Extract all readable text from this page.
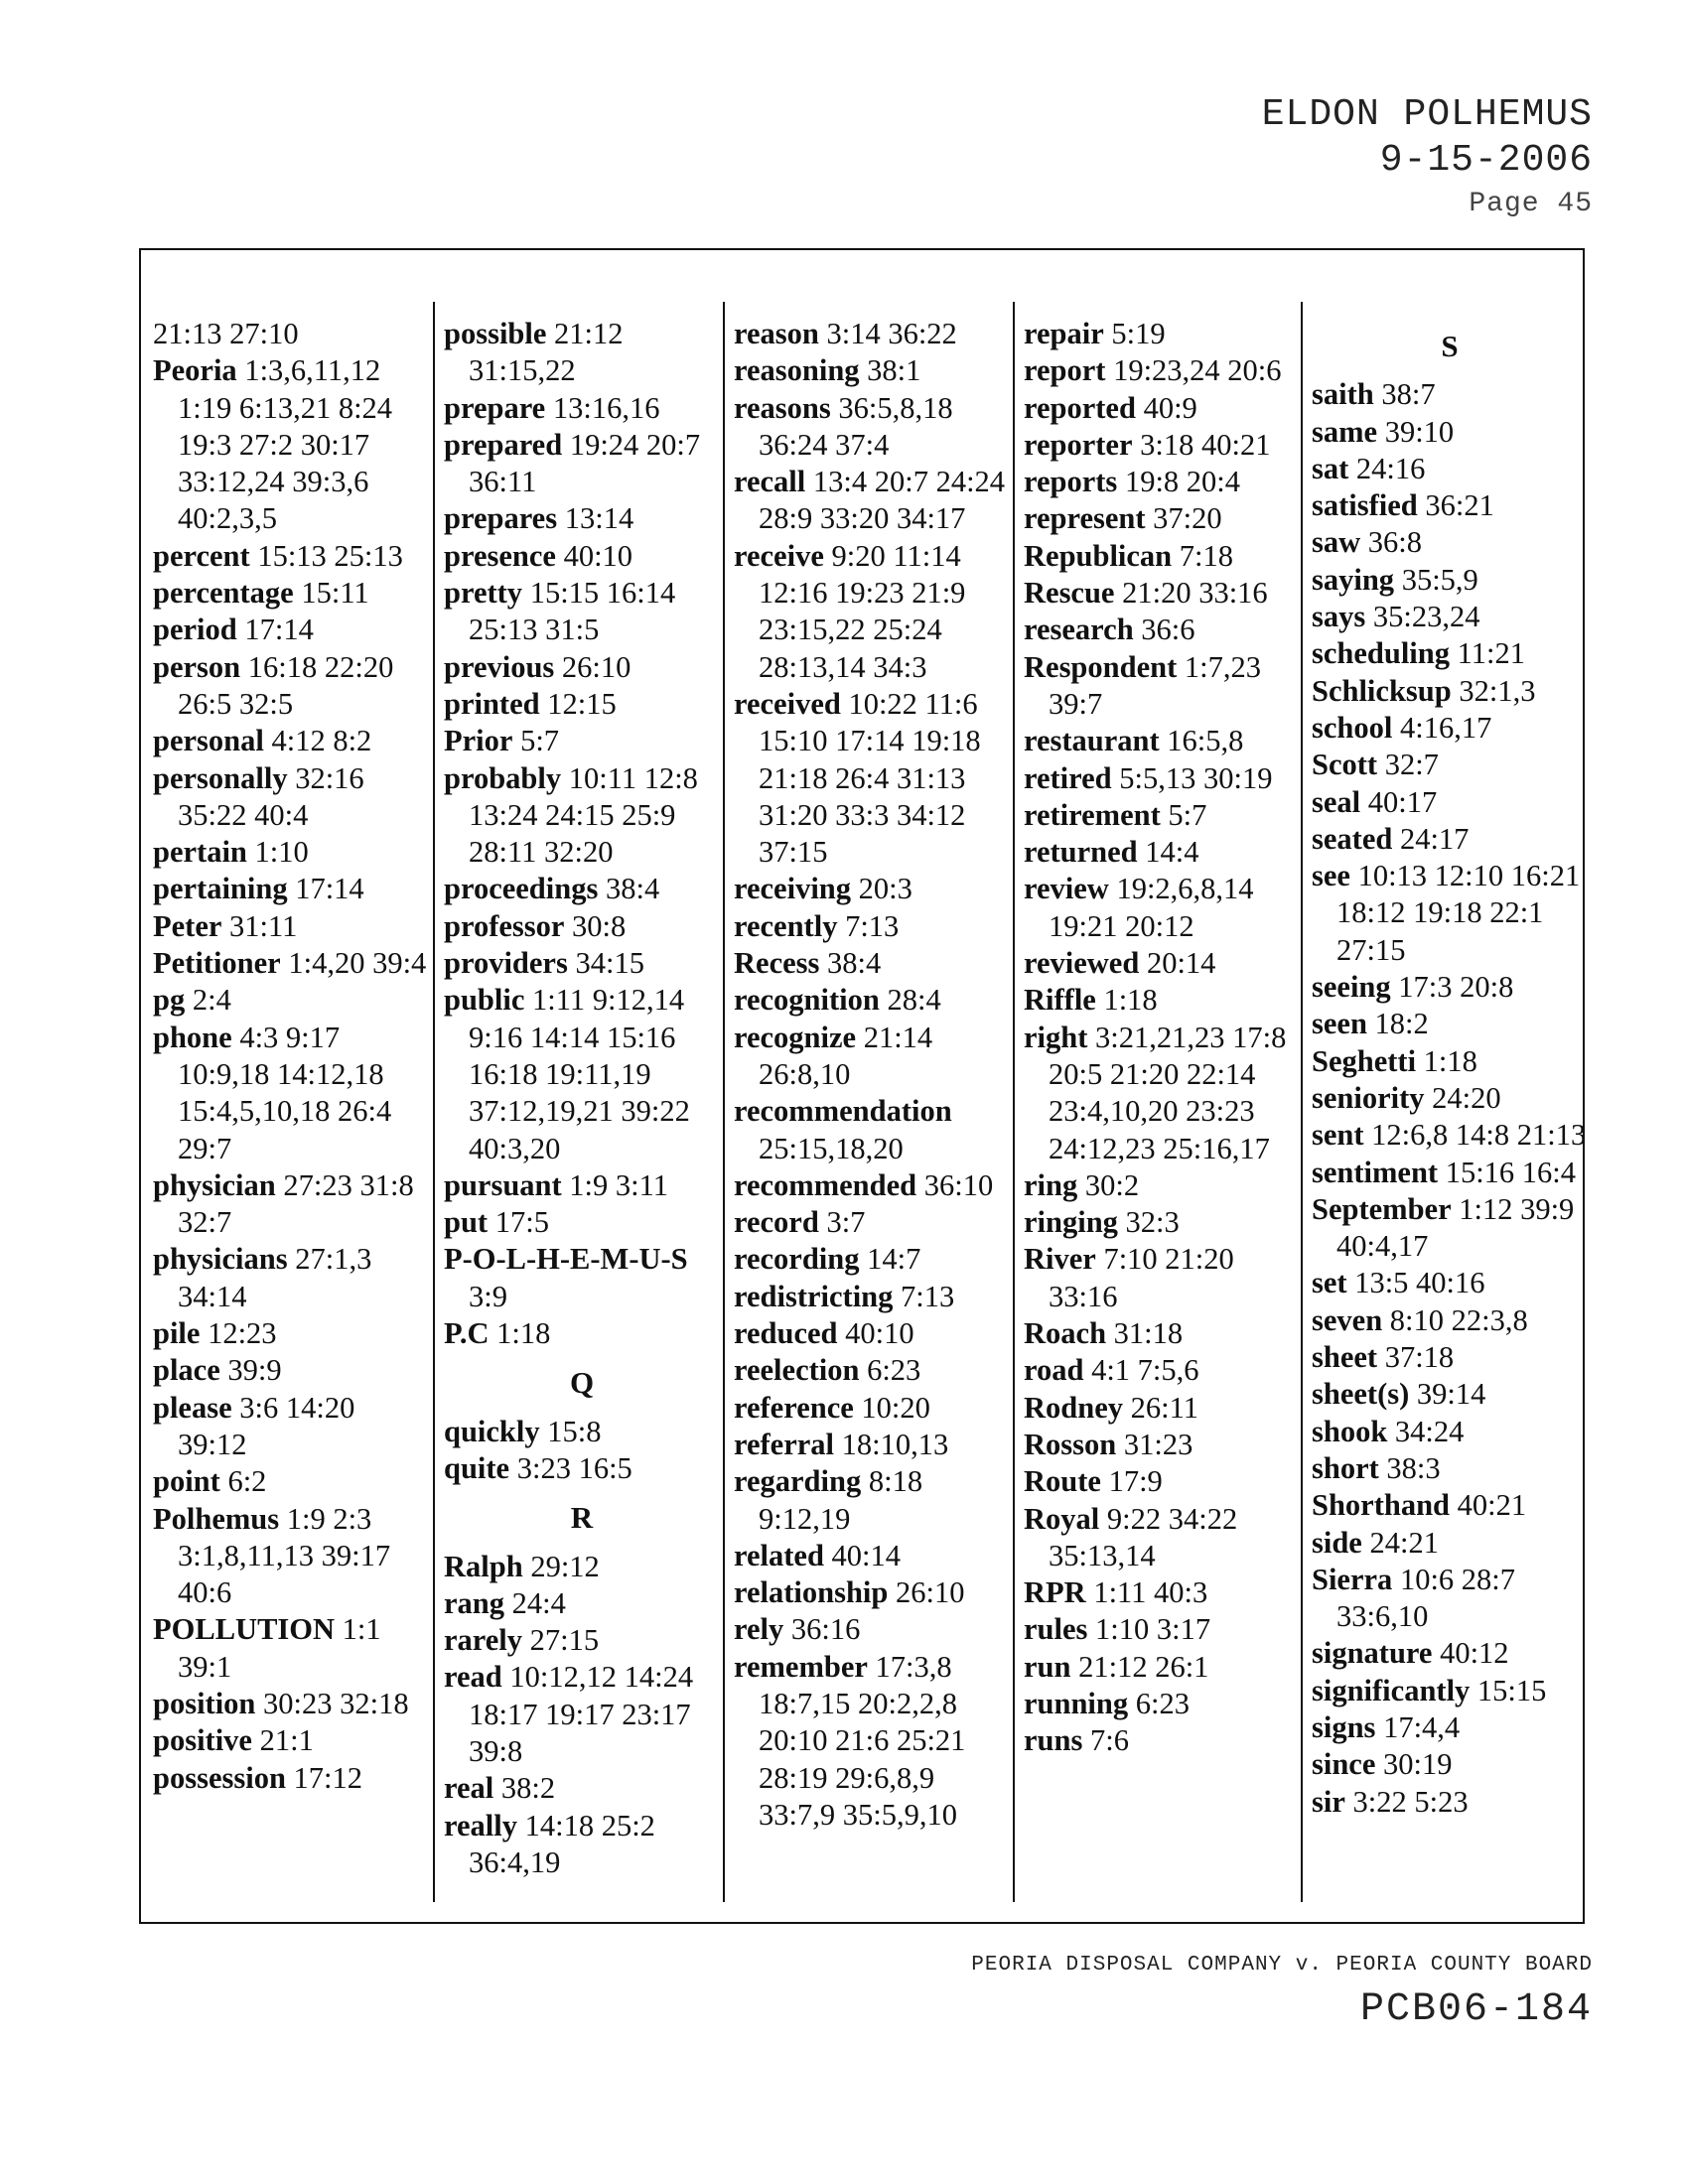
ELDON POLHEMUS
9-15-2006
Page 45
21:13 27:10
Peoria 1:3,6,11,12 1:19 6:13,21 8:24 19:3 27:2 30:17 33:12,24 39:3,6 40:2,3,5
percent 15:13 25:13
percentage 15:11
period 17:14
person 16:18 22:20 26:5 32:5
personal 4:12 8:2
personally 32:16 35:22 40:4
pertain 1:10
pertaining 17:14
Peter 31:11
Petitioner 1:4,20 39:4
pg 2:4
phone 4:3 9:17 10:9,18 14:12,18 15:4,5,10,18 26:4 29:7
physician 27:23 31:8 32:7
physicians 27:1,3 34:14
pile 12:23
place 39:9
please 3:6 14:20 39:12
point 6:2
Polhemus 1:9 2:3 3:1,8,11,13 39:17 40:6
POLLUTION 1:1 39:1
position 30:23 32:18
positive 21:1
possession 17:12
possible 21:12 31:15,22
prepare 13:16,16
prepared 19:24 20:7 36:11
prepares 13:14
presence 40:10
pretty 15:15 16:14 25:13 31:5
previous 26:10
printed 12:15
Prior 5:7
probably 10:11 12:8 13:24 24:15 25:9 28:11 32:20
proceedings 38:4
professor 30:8
providers 34:15
public 1:11 9:12,14 9:16 14:14 15:16 16:18 19:11,19 37:12,19,21 39:22 40:3,20
pursuant 1:9 3:11
put 17:5
P-O-L-H-E-M-U-S 3:9
P.C 1:18
Q
quickly 15:8
quite 3:23 16:5
R
Ralph 29:12
rang 24:4
rarely 27:15
read 10:12,12 14:24 18:17 19:17 23:17 39:8
real 38:2
really 14:18 25:2 36:4,19
reason 3:14 36:22
reasoning 38:1
reasons 36:5,8,18 36:24 37:4
recall 13:4 20:7 24:24 28:9 33:20 34:17
receive 9:20 11:14 12:16 19:23 21:9 23:15,22 25:24 28:13,14 34:3
received 10:22 11:6 15:10 17:14 19:18 21:18 26:4 31:13 31:20 33:3 34:12 37:15
receiving 20:3
recently 7:13
Recess 38:4
recognition 28:4
recognize 21:14 26:8,10
recommendation 25:15,18,20
recommended 36:10
record 3:7
recording 14:7
redistricting 7:13
reduced 40:10
reelection 6:23
reference 10:20
referral 18:10,13
regarding 8:18 9:12,19
related 40:14
relationship 26:10
rely 36:16
remember 17:3,8 18:7,15 20:2,2,8 20:10 21:6 25:21 28:19 29:6,8,9 33:7,9 35:5,9,10
repair 5:19
report 19:23,24 20:6
reported 40:9
reporter 3:18 40:21
reports 19:8 20:4
represent 37:20
Republican 7:18
Rescue 21:20 33:16
research 36:6
Respondent 1:7,23 39:7
restaurant 16:5,8
retired 5:5,13 30:19
retirement 5:7
returned 14:4
review 19:2,6,8,14 19:21 20:12
reviewed 20:14
Riffle 1:18
right 3:21,21,23 17:8 20:5 21:20 22:14 23:4,10,20 23:23 24:12,23 25:16,17
ring 30:2
ringing 32:3
River 7:10 21:20 33:16
Roach 31:18
road 4:1 7:5,6
Rodney 26:11
Rosson 31:23
Route 17:9
Royal 9:22 34:22 35:13,14
RPR 1:11 40:3
rules 1:10 3:17
run 21:12 26:1
running 6:23
runs 7:6
S
saith 38:7
same 39:10
sat 24:16
satisfied 36:21
saw 36:8
saying 35:5,9
says 35:23,24
scheduling 11:21
Schlicksup 32:1,3
school 4:16,17
Scott 32:7
seal 40:17
seated 24:17
see 10:13 12:10 16:21 18:12 19:18 22:1 27:15
seeing 17:3 20:8
seen 18:2
Seghetti 1:18
seniority 24:20
sent 12:6,8 14:8 21:13
sentiment 15:16 16:4
September 1:12 39:9 40:4,17
set 13:5 40:16
seven 8:10 22:3,8
sheet 37:18
sheet(s) 39:14
shook 34:24
short 38:3
Shorthand 40:21
side 24:21
Sierra 10:6 28:7 33:6,10
signature 40:12
significantly 15:15
signs 17:4,4
since 30:19
sir 3:22 5:23
PEORIA DISPOSAL COMPANY v. PEORIA COUNTY BOARD
PCB06-184
